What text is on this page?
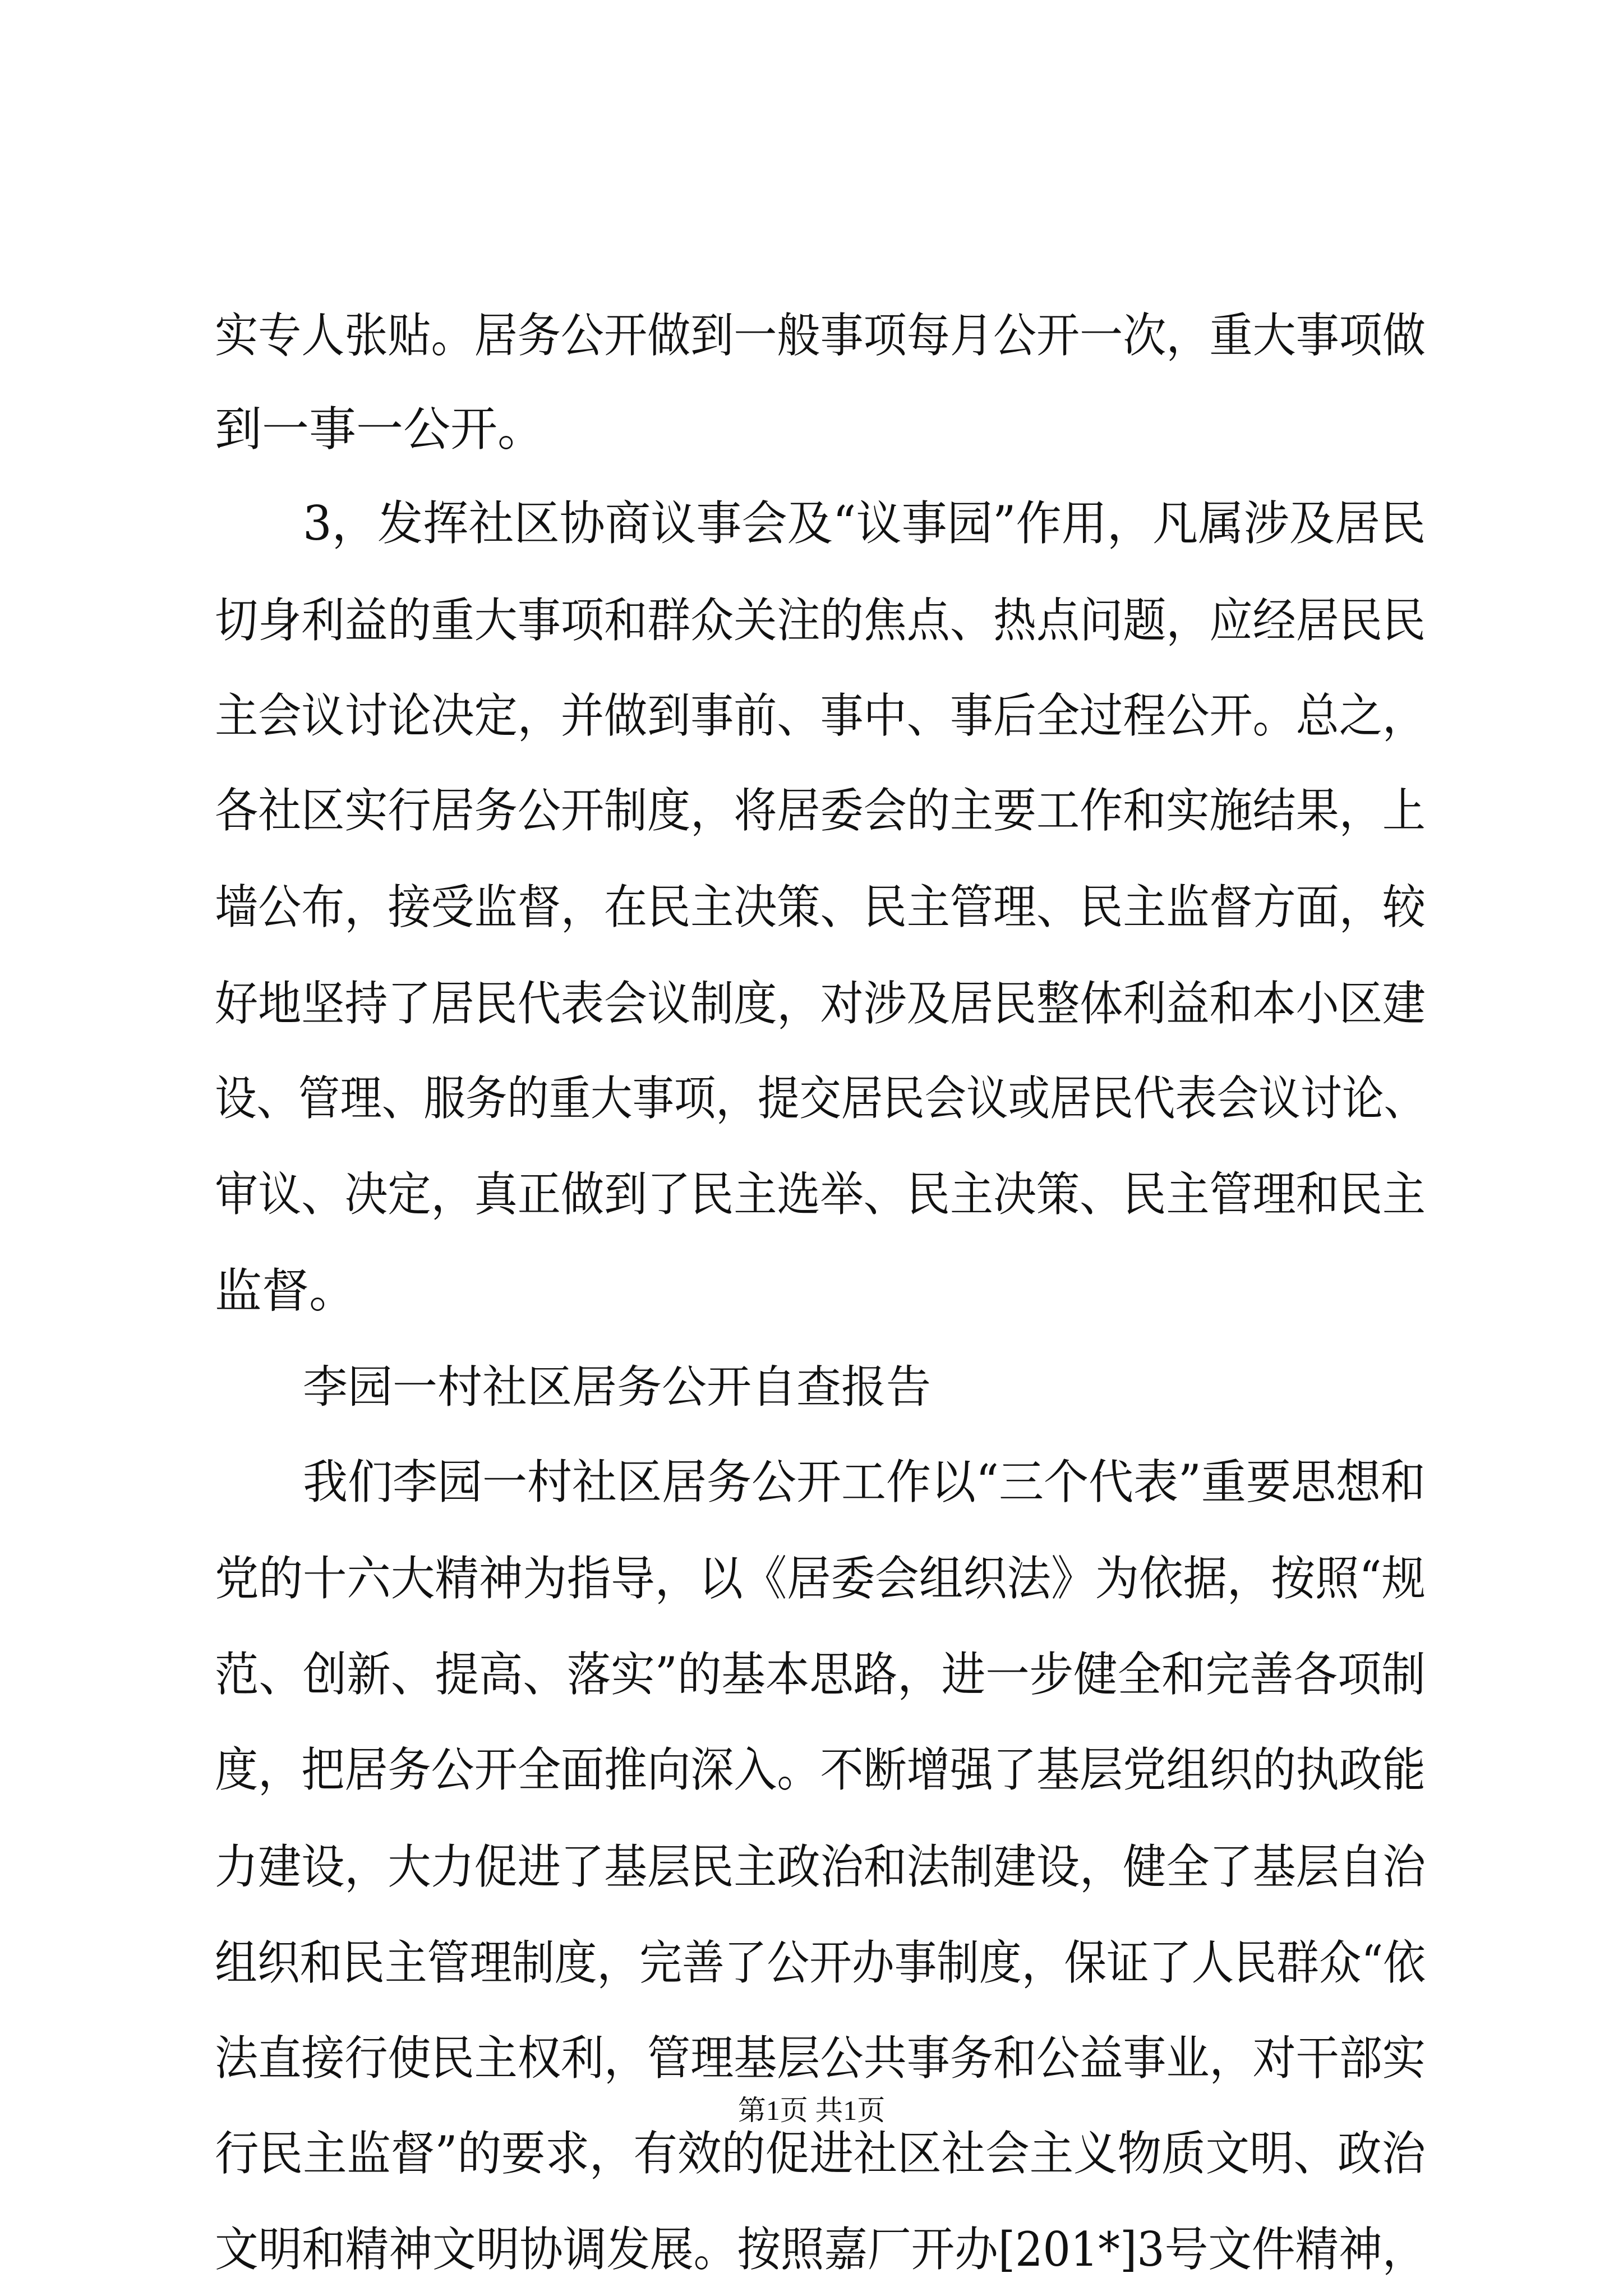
实专人张贴。居务公开做到一般事项每月公开一次，重大事项做
到一事一公开。
3，发挥社区协商议事会及“议事园”作用，凡属涉及居民
切身利益的重大事项和群众关注的焦点、热点问题，应经居民民
主会议讨论决定，并做到事前、事中、事后全过程公开。总之，
各社区实行居务公开制度，将居委会的主要工作和实施结果，上
墙公布，接受监督，在民主决策、民主管理、民主监督方面，较
好地坚持了居民代表会议制度，对涉及居民整体利益和本小区建
设、管理、服务的重大事项，提交居民会议或居民代表会议讨论、
审议、决定，真正做到了民主选举、民主决策、民主管理和民主
监督。
李园一村社区居务公开自查报告
我们李园一村社区居务公开工作以“三个代表”重要思想和
党的十六大精神为指导，以《居委会组织法》为依据，按照“规
范、创新、提高、落实”的基本思路，进一步健全和完善各项制
度，把居务公开全面推向深入。不断增强了基层党组织的执政能
力建设，大力促进了基层民主政治和法制建设，健全了基层自治
组织和民主管理制度，完善了公开办事制度，保证了人民群众“依
法直接行使民主权利，管理基层公共事务和公益事业，对干部实
行民主监督”的要求，有效的促进社区社会主义物质文明、政治
文明和精神文明协调发展。按照嘉厂开办[201*]3号文件精神，
第1页 共1页
